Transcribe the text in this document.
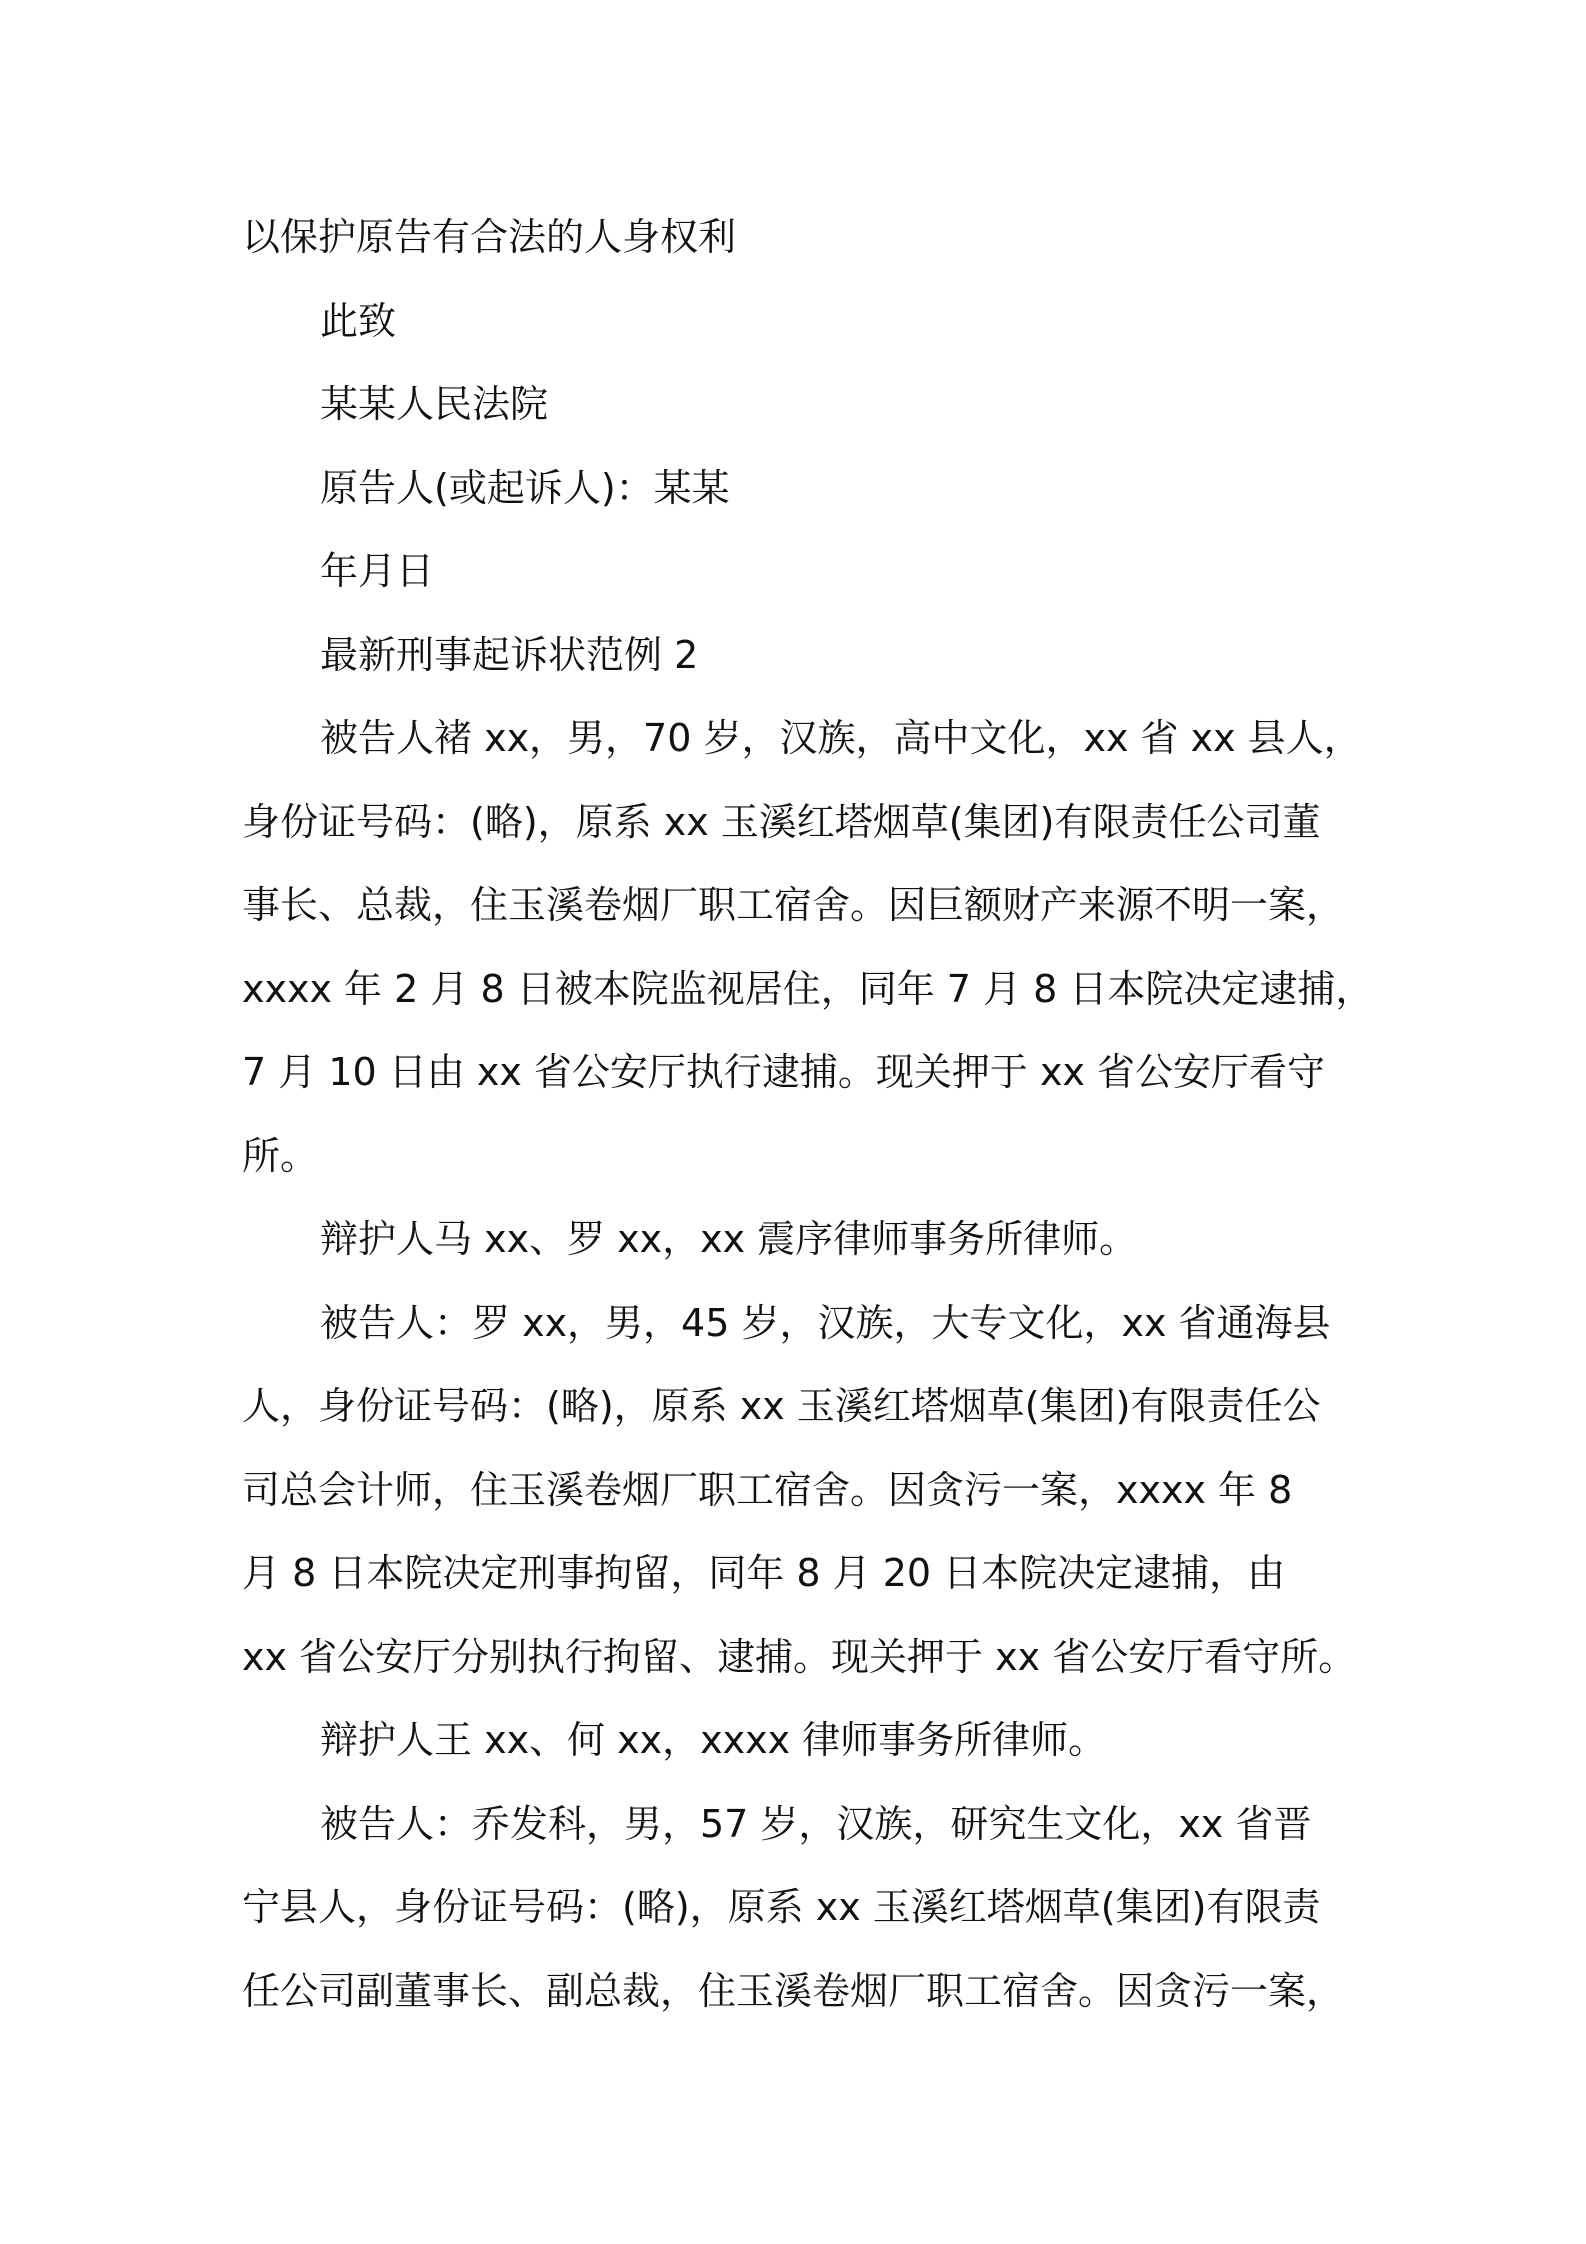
以保护原告有合法的人身权利
此致
某某人民法院
原告人(或起诉人)：某某
年月日
最新刑事起诉状范例 2
被告人褚 xx，男，70 岁，汉族，高中文化，xx 省 xx 县人，
身份证号码：(略)，原系 xx 玉溪红塔烟草(集团)有限责任公司董
事长、总裁，住玉溪卷烟厂职工宿舍。因巨额财产来源不明一案，
xxxx 年 2 月 8 日被本院监视居住，同年 7 月 8 日本院决定逮捕，
7 月 10 日由 xx 省公安厅执行逮捕。现关押于 xx 省公安厅看守
所。
辩护人马 xx、罗 xx，xx 震序律师事务所律师。
被告人：罗 xx，男，45 岁，汉族，大专文化，xx 省通海县
人，身份证号码：(略)，原系 xx 玉溪红塔烟草(集团)有限责任公
司总会计师，住玉溪卷烟厂职工宿舍。因贪污一案，xxxx 年 8
月 8 日本院决定刑事拘留，同年 8 月 20 日本院决定逮捕，由
xx 省公安厅分别执行拘留、逮捕。现关押于 xx 省公安厅看守所。
辩护人王 xx、何 xx，xxxx 律师事务所律师。
被告人：乔发科，男，57 岁，汉族，研究生文化，xx 省晋
宁县人，身份证号码：(略)，原系 xx 玉溪红塔烟草(集团)有限责
任公司副董事长、副总裁，住玉溪卷烟厂职工宿舍。因贪污一案，
